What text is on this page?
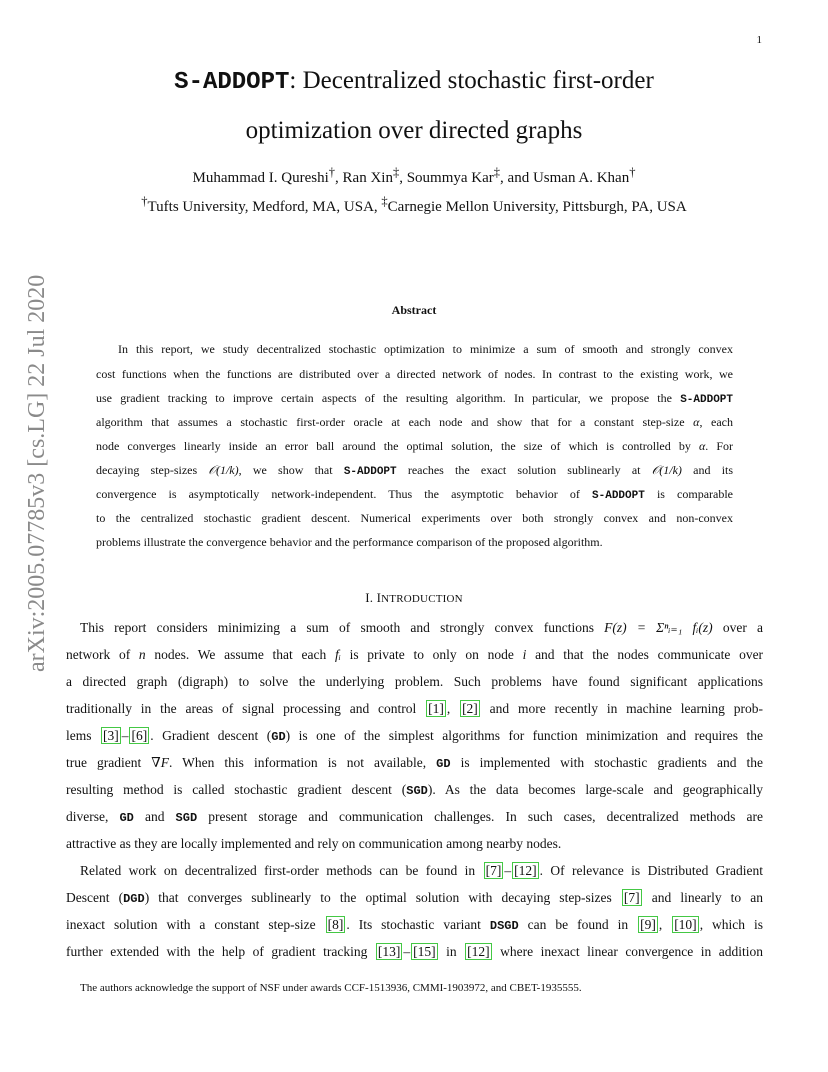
1
arXiv:2005.07785v3 [cs.LG] 22 Jul 2020
S-ADDOPT: Decentralized stochastic first-order
optimization over directed graphs
Muhammad I. Qureshi†, Ran Xin‡, Soummya Kar‡, and Usman A. Khan†
†Tufts University, Medford, MA, USA, ‡Carnegie Mellon University, Pittsburgh, PA, USA
Abstract
In this report, we study decentralized stochastic optimization to minimize a sum of smooth and strongly convex
cost functions when the functions are distributed over a directed network of nodes. In contrast to the existing work, we
use gradient tracking to improve certain aspects of the resulting algorithm. In particular, we propose the S-ADDOPT
algorithm that assumes a stochastic first-order oracle at each node and show that for a constant step-size α, each
node converges linearly inside an error ball around the optimal solution, the size of which is controlled by α. For
decaying step-sizes 𝒪(1/k), we show that S-ADDOPT reaches the exact solution sublinearly at 𝒪(1/k) and its
convergence is asymptotically network-independent. Thus the asymptotic behavior of S-ADDOPT is comparable
to the centralized stochastic gradient descent. Numerical experiments over both strongly convex and non-convex
problems illustrate the convergence behavior and the performance comparison of the proposed algorithm.
I. INTRODUCTION
This report considers minimizing a sum of smooth and strongly convex functions F(z) = Σⁿᵢ₌₁ fᵢ(z) over a
network of n nodes. We assume that each fᵢ is private to only on node i and that the nodes communicate over
a directed graph (digraph) to solve the underlying problem. Such problems have found significant applications
traditionally in the areas of signal processing and control [1] , [2] and more recently in machine learning prob-
lems [3] – [6] . Gradient descent (GD) is one of the simplest algorithms for function minimization and requires the
true gradient ∇F. When this information is not available, GD is implemented with stochastic gradients and the
resulting method is called stochastic gradient descent (SGD). As the data becomes large-scale and geographically
diverse, GD and SGD present storage and communication challenges. In such cases, decentralized methods are
attractive as they are locally implemented and rely on communication among nearby nodes.
Related work on decentralized first-order methods can be found in [7] – [12] . Of relevance is Distributed Gradient
Descent (DGD) that converges sublinearly to the optimal solution with decaying step-sizes [7] and linearly to an
inexact solution with a constant step-size [8] . Its stochastic variant DSGD can be found in [9] , [10] , which is
further extended with the help of gradient tracking [13] – [15] in [12] where inexact linear convergence in addition
The authors acknowledge the support of NSF under awards CCF-1513936, CMMI-1903972, and CBET-1935555.
